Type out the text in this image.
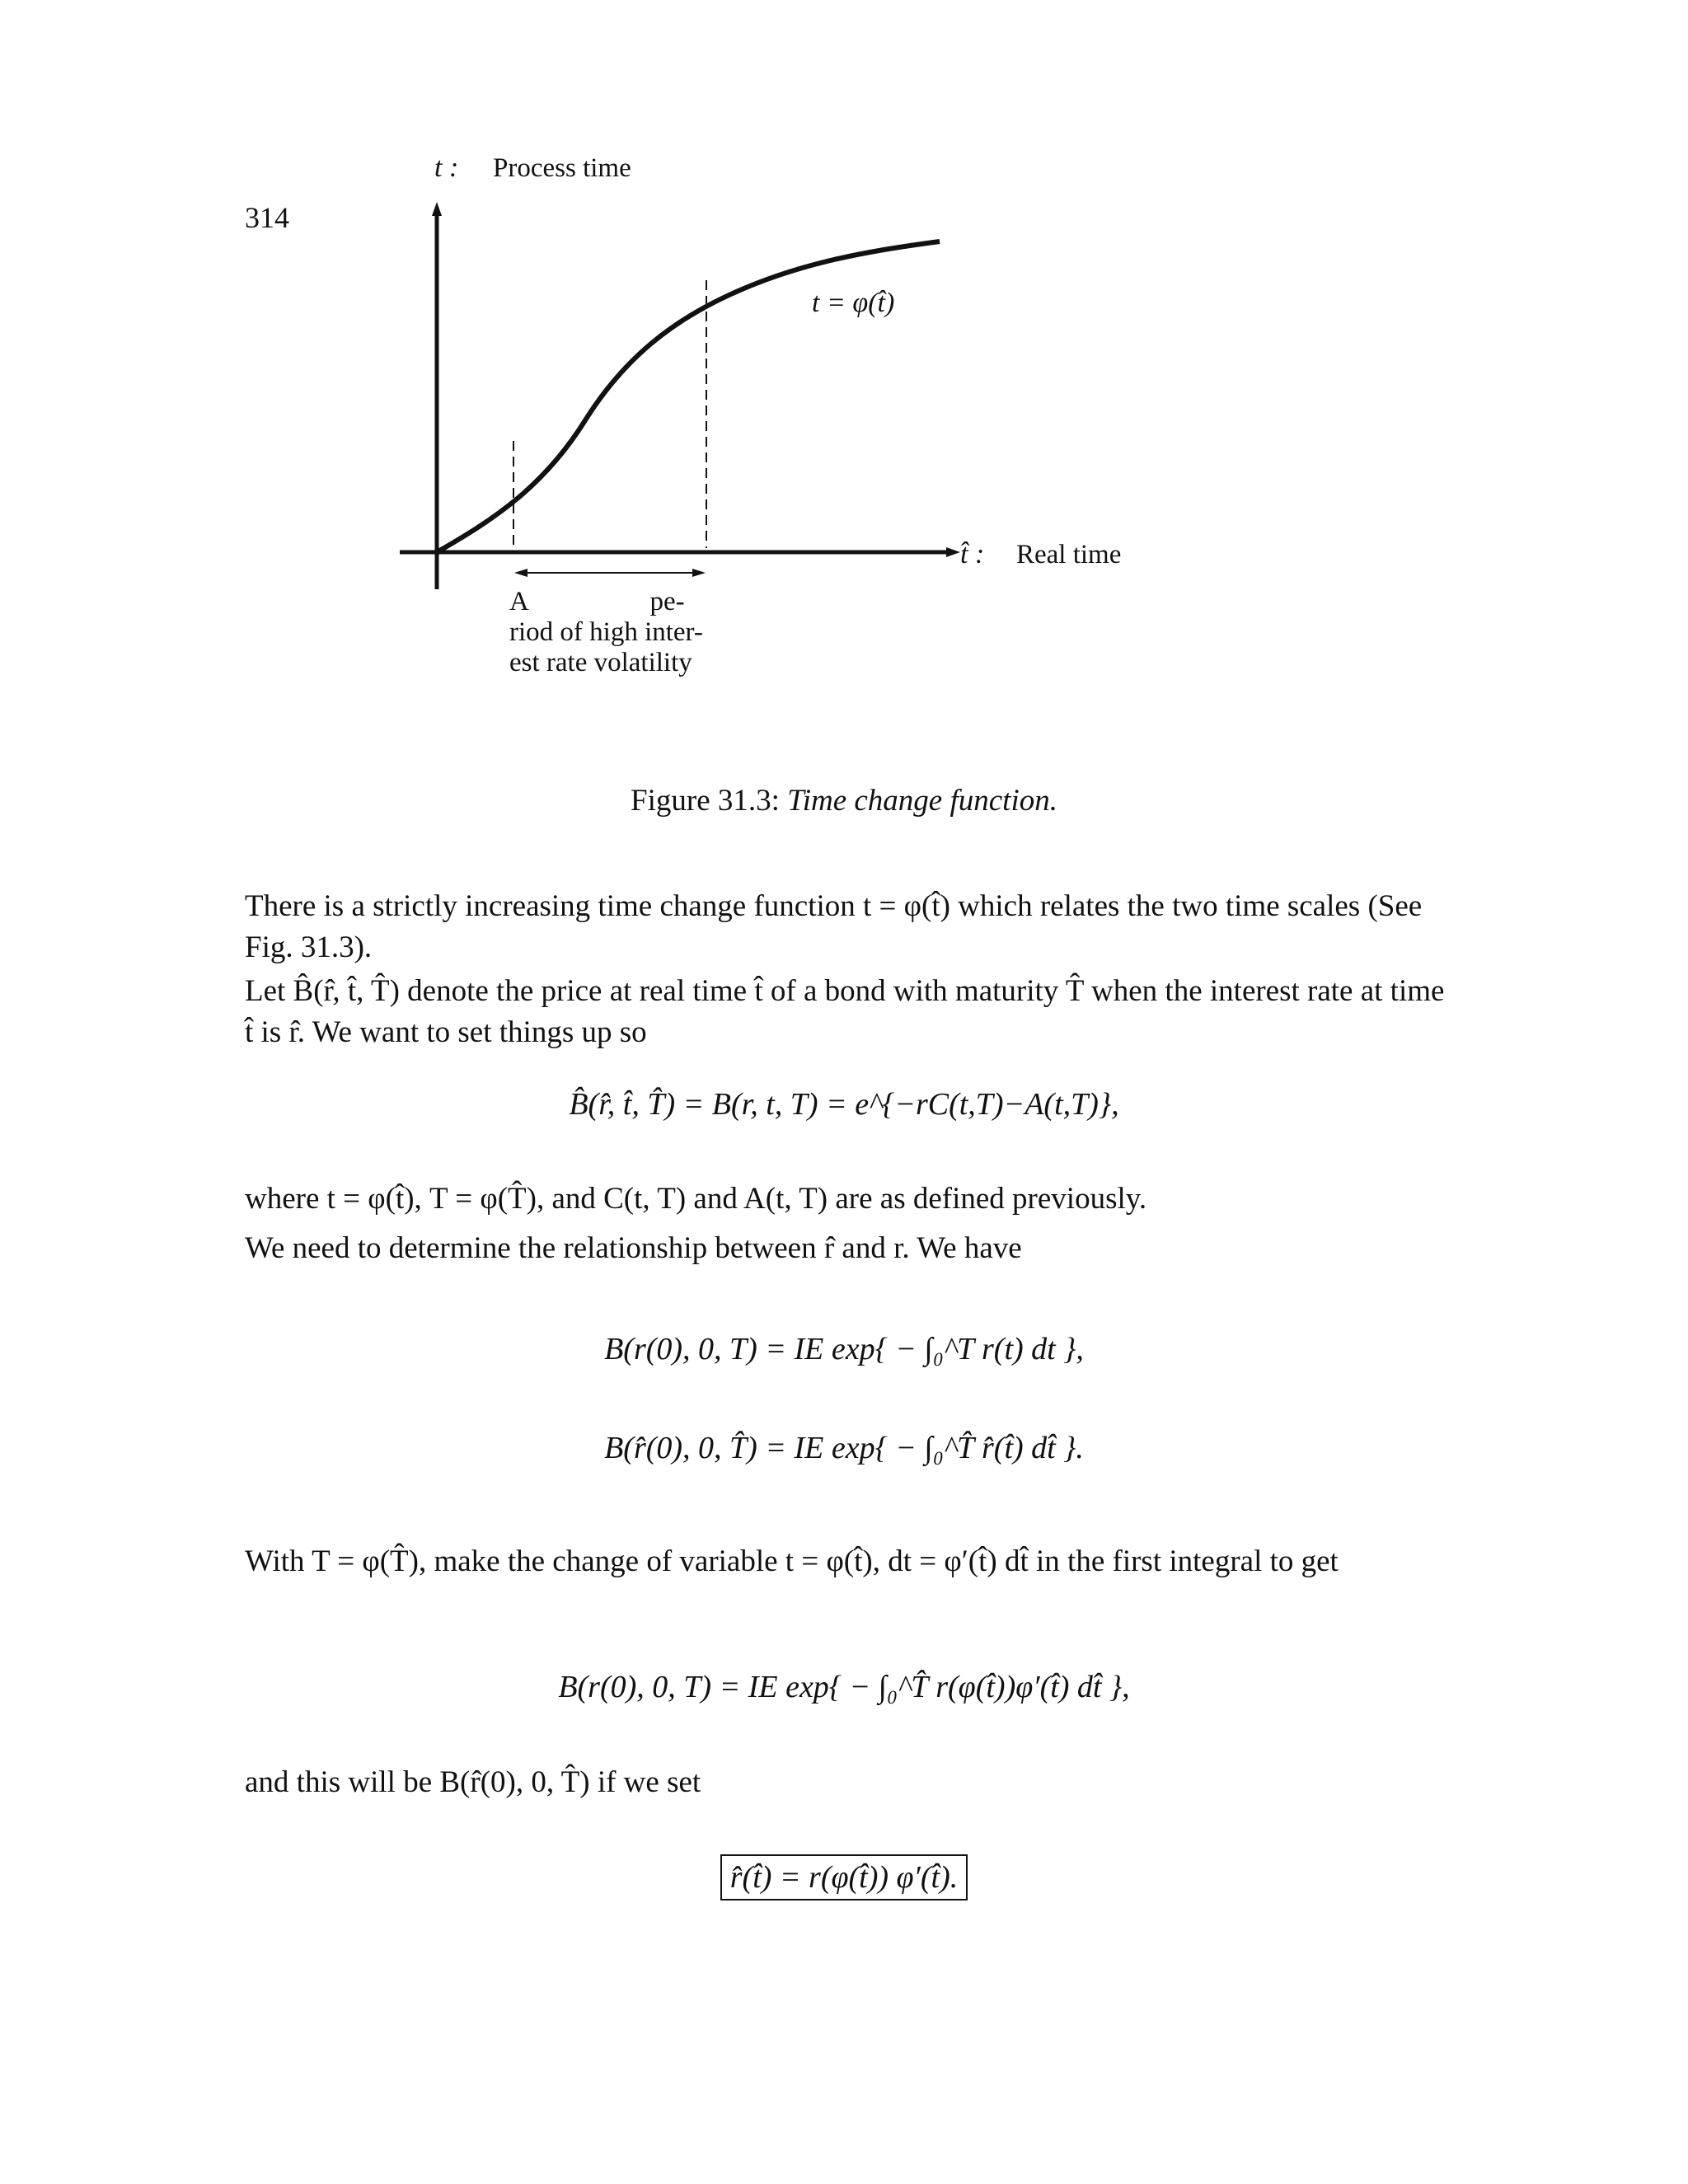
314
t : Process time
t̂ : Real time
t = φ(t̂)
A                  pe-
riod of high inter-
est rate volatility
Figure 31.3: Time change function.
There is a strictly increasing time change function t = φ(t̂) which relates the two time scales (See Fig. 31.3).
Let B̂(r̂, t̂, T̂) denote the price at real time t̂ of a bond with maturity T̂ when the interest rate at time t̂ is r̂. We want to set things up so
B̂(r̂, t̂, T̂) = B(r, t, T) = e^{−rC(t,T)−A(t,T)},
where t = φ(t̂), T = φ(T̂), and C(t, T) and A(t, T) are as defined previously.
We need to determine the relationship between r̂ and r. We have
B(r(0), 0, T) = IE exp{ − ∫₀^T r(t) dt },
B(r̂(0), 0, T̂) = IE exp{ − ∫₀^T̂ r̂(t̂) dt̂ }.
With T = φ(T̂), make the change of variable t = φ(t̂), dt = φ′(t̂) dt̂ in the first integral to get
B(r(0), 0, T) = IE exp{ − ∫₀^T̂ r(φ(t̂))φ′(t̂) dt̂ },
and this will be B(r̂(0), 0, T̂) if we set
r̂(t̂) = r(φ(t̂)) φ′(t̂).
